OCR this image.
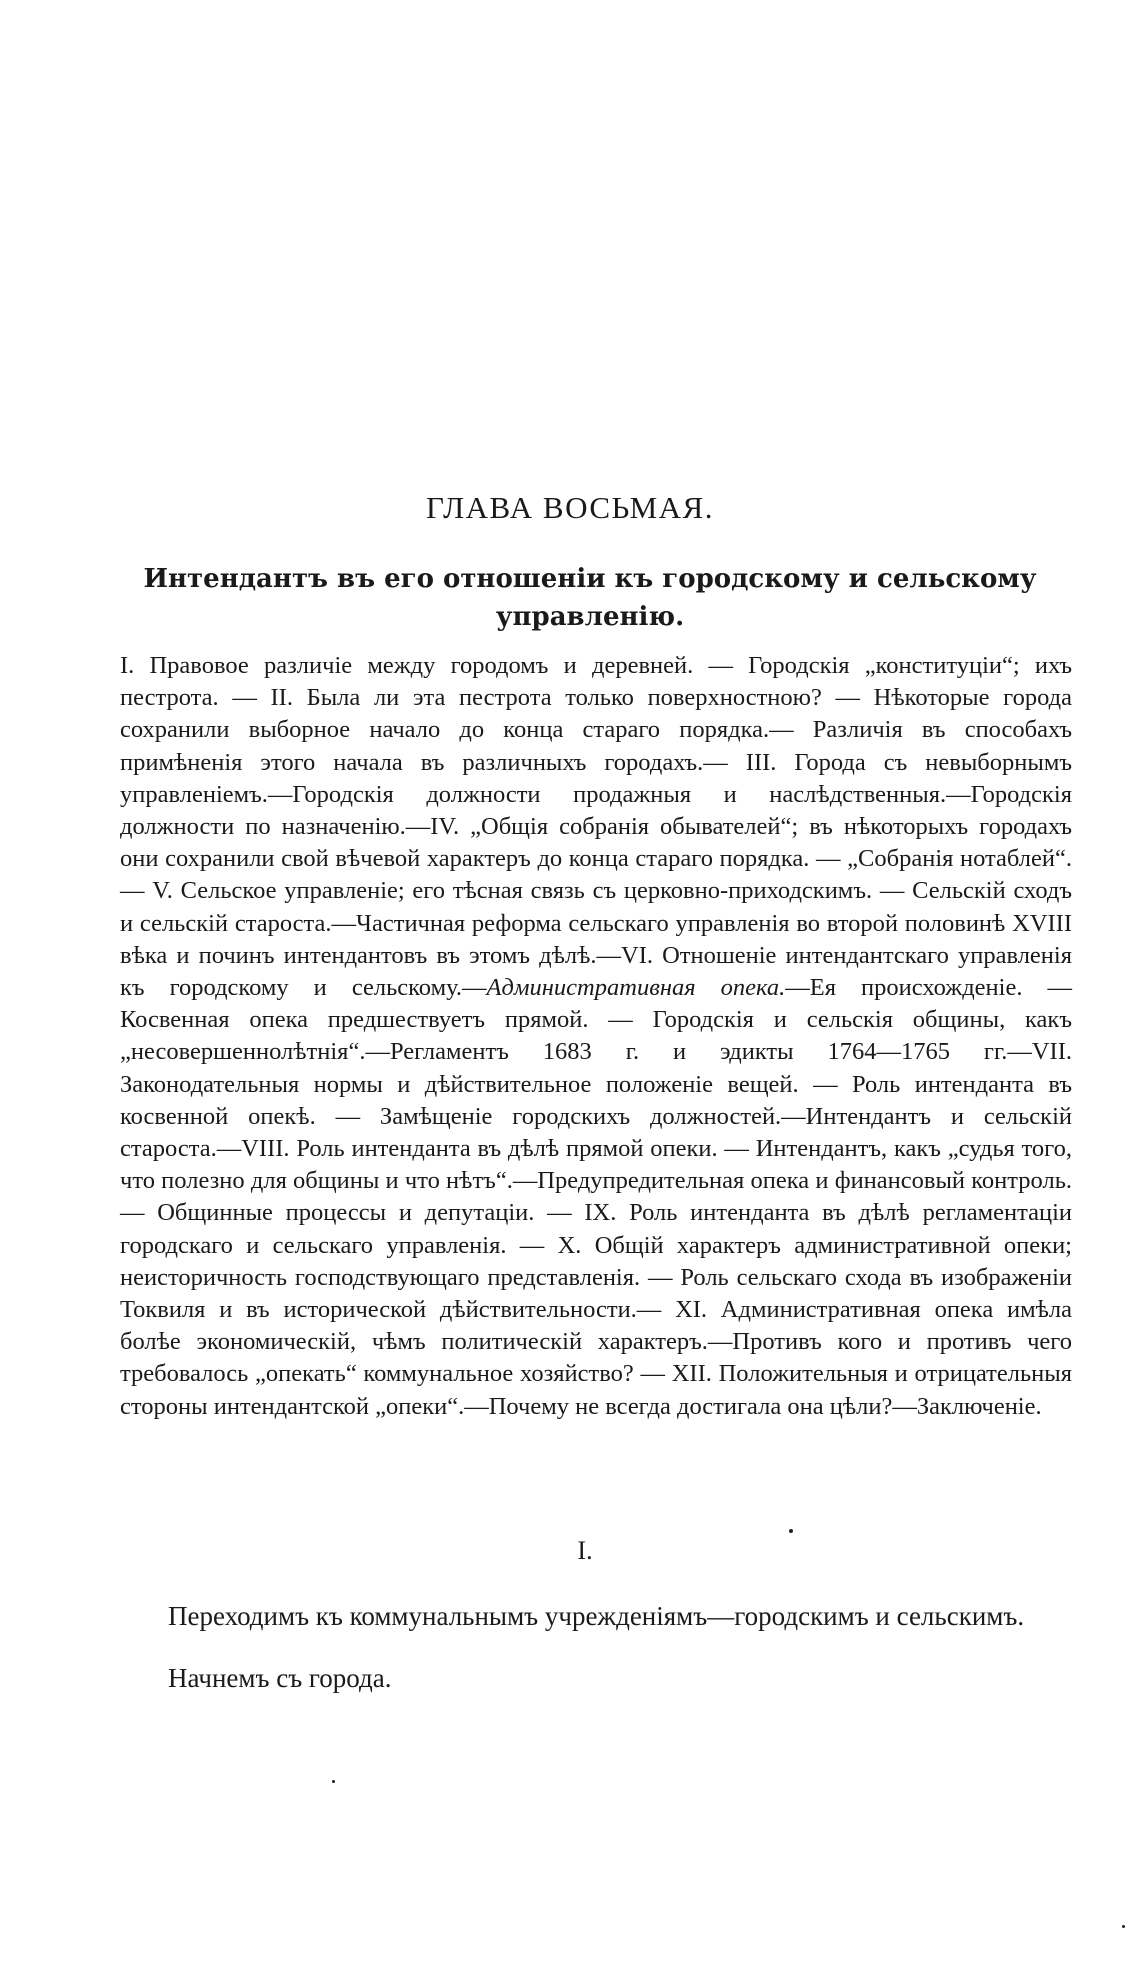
ГЛАВА ВОСЬМАЯ.
Интендантъ въ его отношеніи къ городскому и сельскому управленію.
I. Правовое различіе между городомъ и деревней. — Городскія „конституціи“; ихъ пестрота. — II. Была ли эта пестрота только поверхностною? — Нѣкоторые города сохранили выборное начало до конца стараго порядка.— Различія въ способахъ примѣненія этого начала въ различныхъ городахъ.— III. Города съ невыборнымъ управленіемъ.—Городскія должности продажныя и наслѣдственныя.—Городскія должности по назначенію.—IV. „Общія собранія обывателей“; въ нѣкоторыхъ городахъ они сохранили свой вѣчевой характеръ до конца стараго порядка. — „Собранія нотаблей“. — V. Сельское управленіе; его тѣсная связь съ церковно-приходскимъ. — Сельскій сходъ и сельскій староста.—Частичная реформа сельскаго управленія во второй половинѣ XVIII вѣка и починъ интендантовъ въ этомъ дѣлѣ.—VI. Отношеніе интендантскаго управленія къ городскому и сельскому.—Административная опека.—Ея происхожденіе. — Косвенная опека предшествуетъ прямой. — Городскія и сельскія общины, какъ „несовершеннолѣтнія“.—Регламентъ 1683 г. и эдикты 1764—1765 гг.—VII. Законодательныя нормы и дѣйствительное положеніе вещей. — Роль интенданта въ косвенной опекѣ. — Замѣщеніе городскихъ должностей.—Интендантъ и сельскій староста.—VIII. Роль интенданта въ дѣлѣ прямой опеки. — Интендантъ, какъ „судья того, что полезно для общины и что нѣтъ“.—Предупредительная опека и финансовый контроль.— Общинные процессы и депутаціи. — IX. Роль интенданта въ дѣлѣ регламентаціи городскаго и сельскаго управленія. — X. Общій характеръ административной опеки; неисторичность господствующаго представленія. — Роль сельскаго схода въ изображеніи Токвиля и въ исторической дѣйствительности.— XI. Административная опека имѣла болѣе экономическій, чѣмъ политическій характеръ.—Противъ кого и противъ чего требовалось „опекать“ коммунальное хозяйство? — XII. Положительныя и отрицательныя стороны интендантской „опеки“.—Почему не всегда достигала она цѣли?—Заключеніе.
I.

Переходимъ къ коммунальнымъ учрежденіямъ—городскимъ и сельскимъ.

Начнемъ съ города.
